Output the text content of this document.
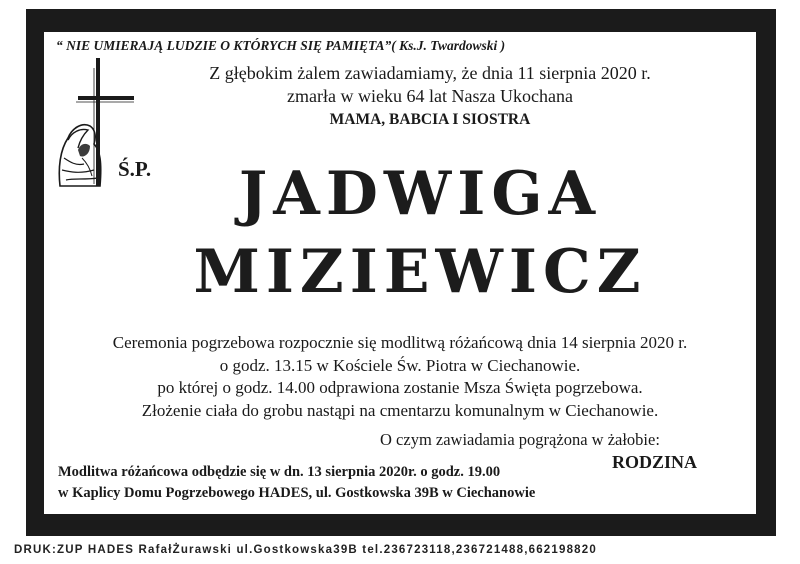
“ NIE UMIERAJĄ LUDZIE O KTÓRYCH SIĘ PAMIĘTA”( Ks.J. Twardowski )
Z głębokim żalem zawiadamiamy, że dnia 11 sierpnia 2020 r.
zmarła w wieku 64 lat Nasza Ukochana
MAMA, BABCIA I SIOSTRA
Ś.P.	JADWIGA
MIZIEWICZ
Ceremonia pogrzebowa rozpocznie się modlitwą różańcową dnia 14 sierpnia 2020 r.
o godz. 13.15 w Kościele Św. Piotra w Ciechanowie.
po której o godz. 14.00 odprawiona zostanie Msza Święta pogrzebowa.
Złożenie ciała do grobu nastąpi na cmentarzu komunalnym w Ciechanowie.
O czym zawiadamia pogrążona w żałobie:
RODZINA
Modlitwa różańcowa odbędzie się w dn. 13 sierpnia 2020r. o godz. 19.00
w Kaplicy Domu Pogrzebowego HADES, ul. Gostkowska 39B w Ciechanowie
DRUK:ZUP HADES RafałŻurawski ul.Gostkowska39B tel.236723118,236721488,662198820
